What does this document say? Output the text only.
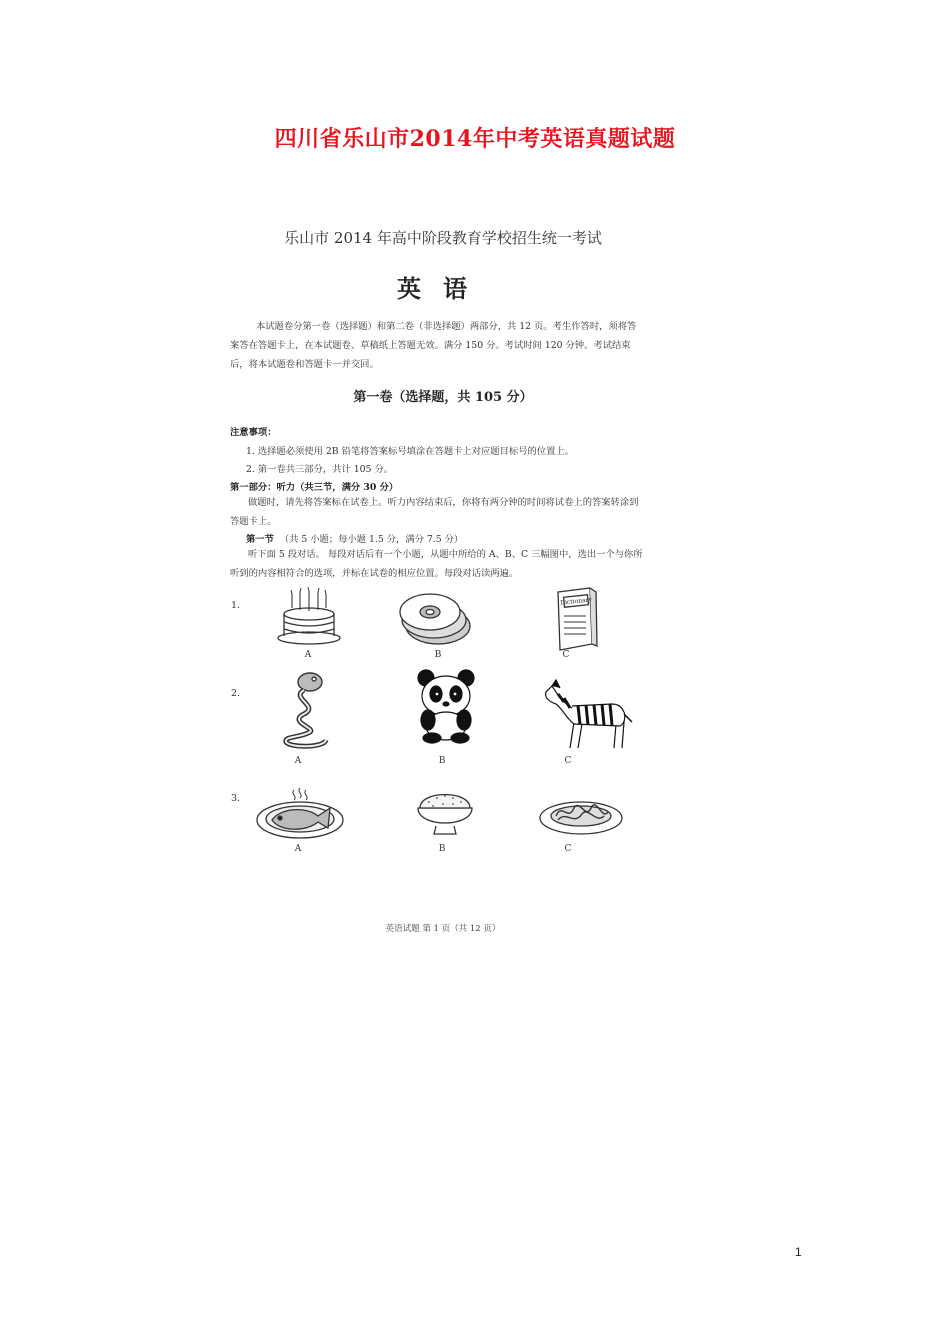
四川省乐山市2014年中考英语真题试题
乐山市 2014 年高中阶段教育学校招生统一考试
英语
本试题卷分第一卷（选择题）和第二卷（非选择题）两部分，共 12 页。考生作答时，须将答案答在答题卡上，在本试题卷、草稿纸上答题无效。满分 150 分。考试时间 120 分钟。考试结束后，将本试题卷和答题卡一并交回。
第一卷（选择题，共 105 分）
注意事项：
1. 选择题必须使用 2B 铅笔将答案标号填涂在答题卡上对应题目标号的位置上。
2. 第一卷共三部分，共计 105 分。
第一部分：听力（共三节，满分 30 分）
做题时，请先将答案标在试卷上。听力内容结束后，你将有两分钟的时间将试卷上的答案转涂到答题卡上。
第一节 （共 5 小题；每小题 1.5 分，满分 7.5 分）
听下面 5 段对话。 每段对话后有一个小题，从题中所给的 A、B、C 三幅图中，选出一个与你所听到的内容相符合的选项，并标在试卷的相应位置。每段对话读两遍。
1.
A	B
Dictionary
C
2.
A	B	C
3.
A	B	C
英语试题 第 1 页（共 12 页）
1
